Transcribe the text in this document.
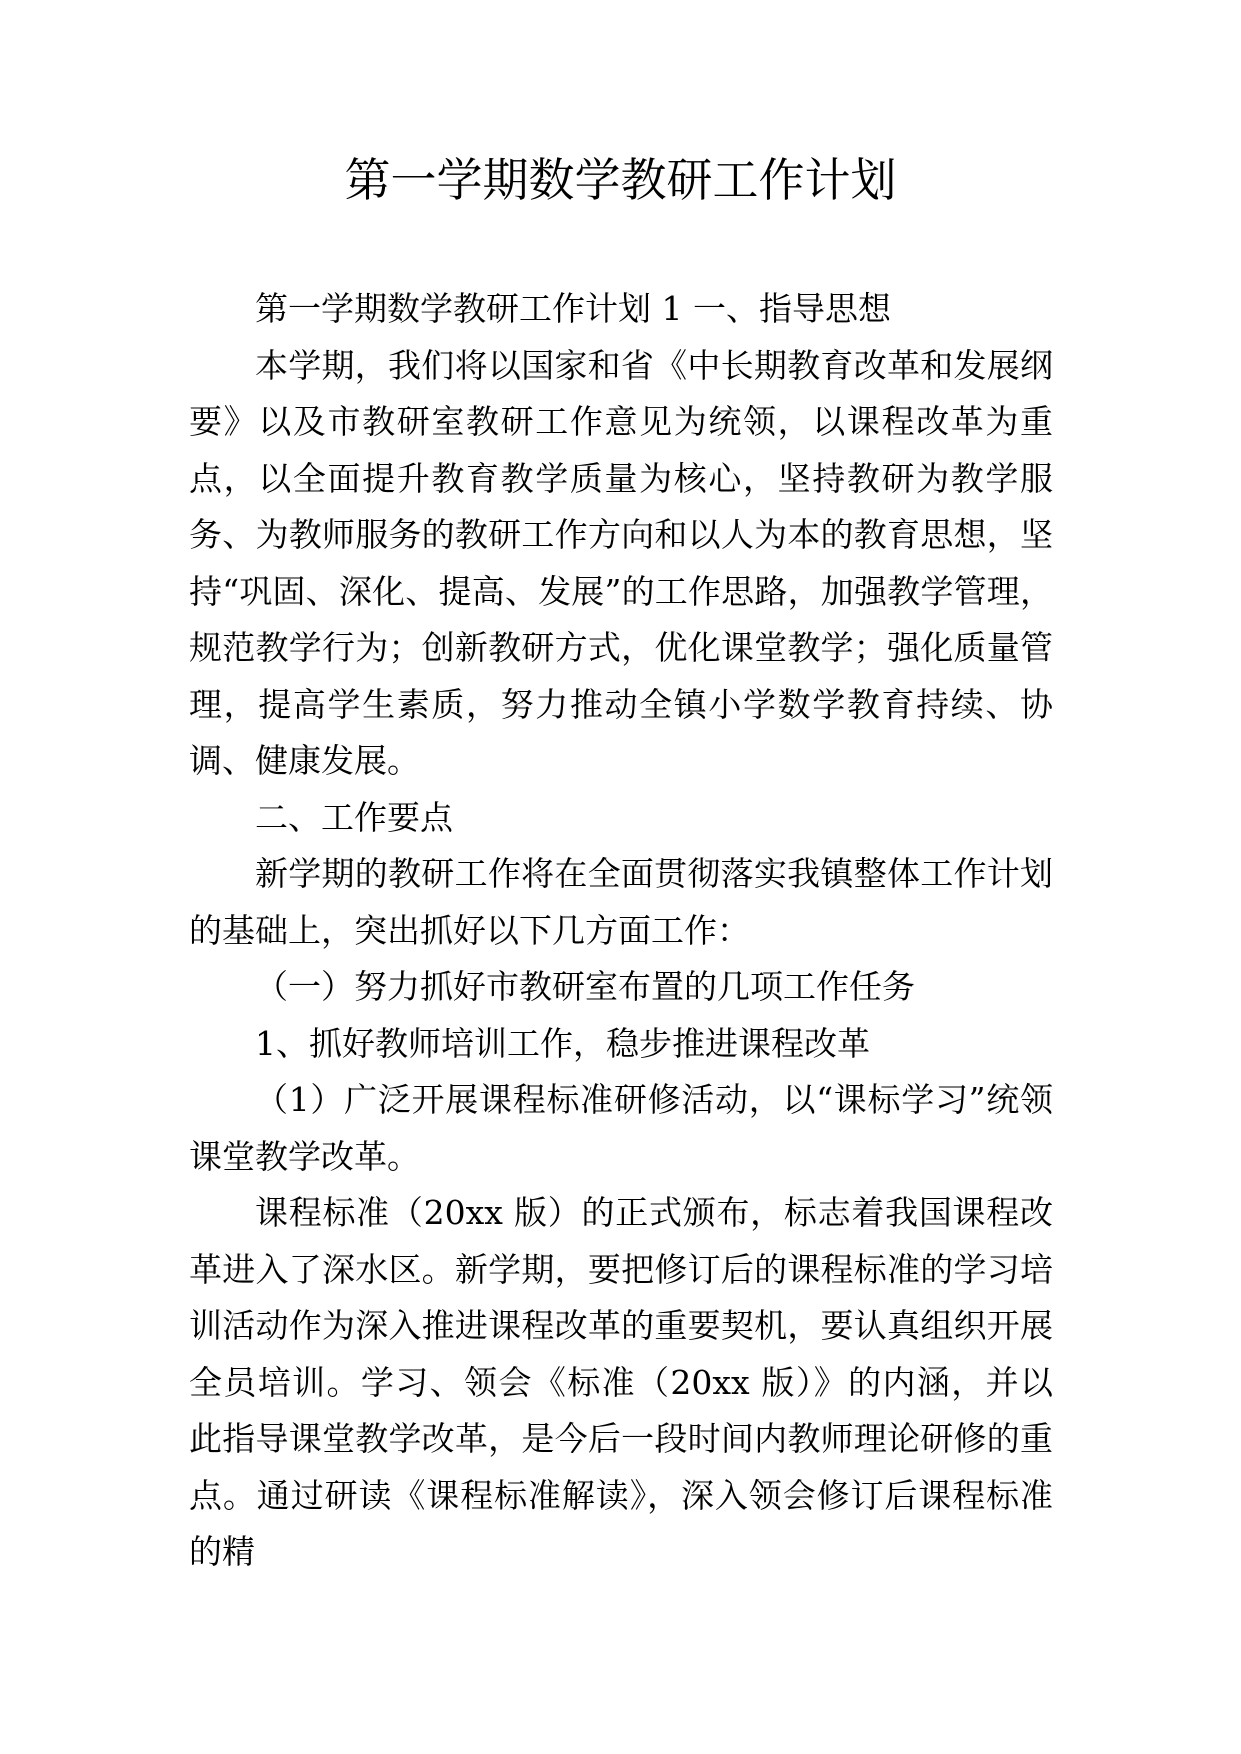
第一学期数学教研工作计划

第一学期数学教研工作计划 1 一、指导思想

本学期，我们将以国家和省《中长期教育改革和发展纲要》以及市教研室教研工作意见为统领，以课程改革为重点，以全面提升教育教学质量为核心，坚持教研为教学服务、为教师服务的教研工作方向和以人为本的教育思想，坚持“巩固、深化、提高、发展”的工作思路，加强教学管理，规范教学行为；创新教研方式，优化课堂教学；强化质量管理，提高学生素质，努力推动全镇小学数学教育持续、协调、健康发展。

二、工作要点

新学期的教研工作将在全面贯彻落实我镇整体工作计划的基础上，突出抓好以下几方面工作：

（一）努力抓好市教研室布置的几项工作任务

1、抓好教师培训工作，稳步推进课程改革

（1）广泛开展课程标准研修活动，以“课标学习”统领课堂教学改革。

课程标准（20xx 版）的正式颁布，标志着我国课程改革进入了深水区。新学期，要把修订后的课程标准的学习培训活动作为深入推进课程改革的重要契机，要认真组织开展全员培训。学习、领会《标准（20xx 版）》的内涵，并以此指导课堂教学改革，是今后一段时间内教师理论研修的重点。通过研读《课程标准解读》，深入领会修订后课程标准的精
